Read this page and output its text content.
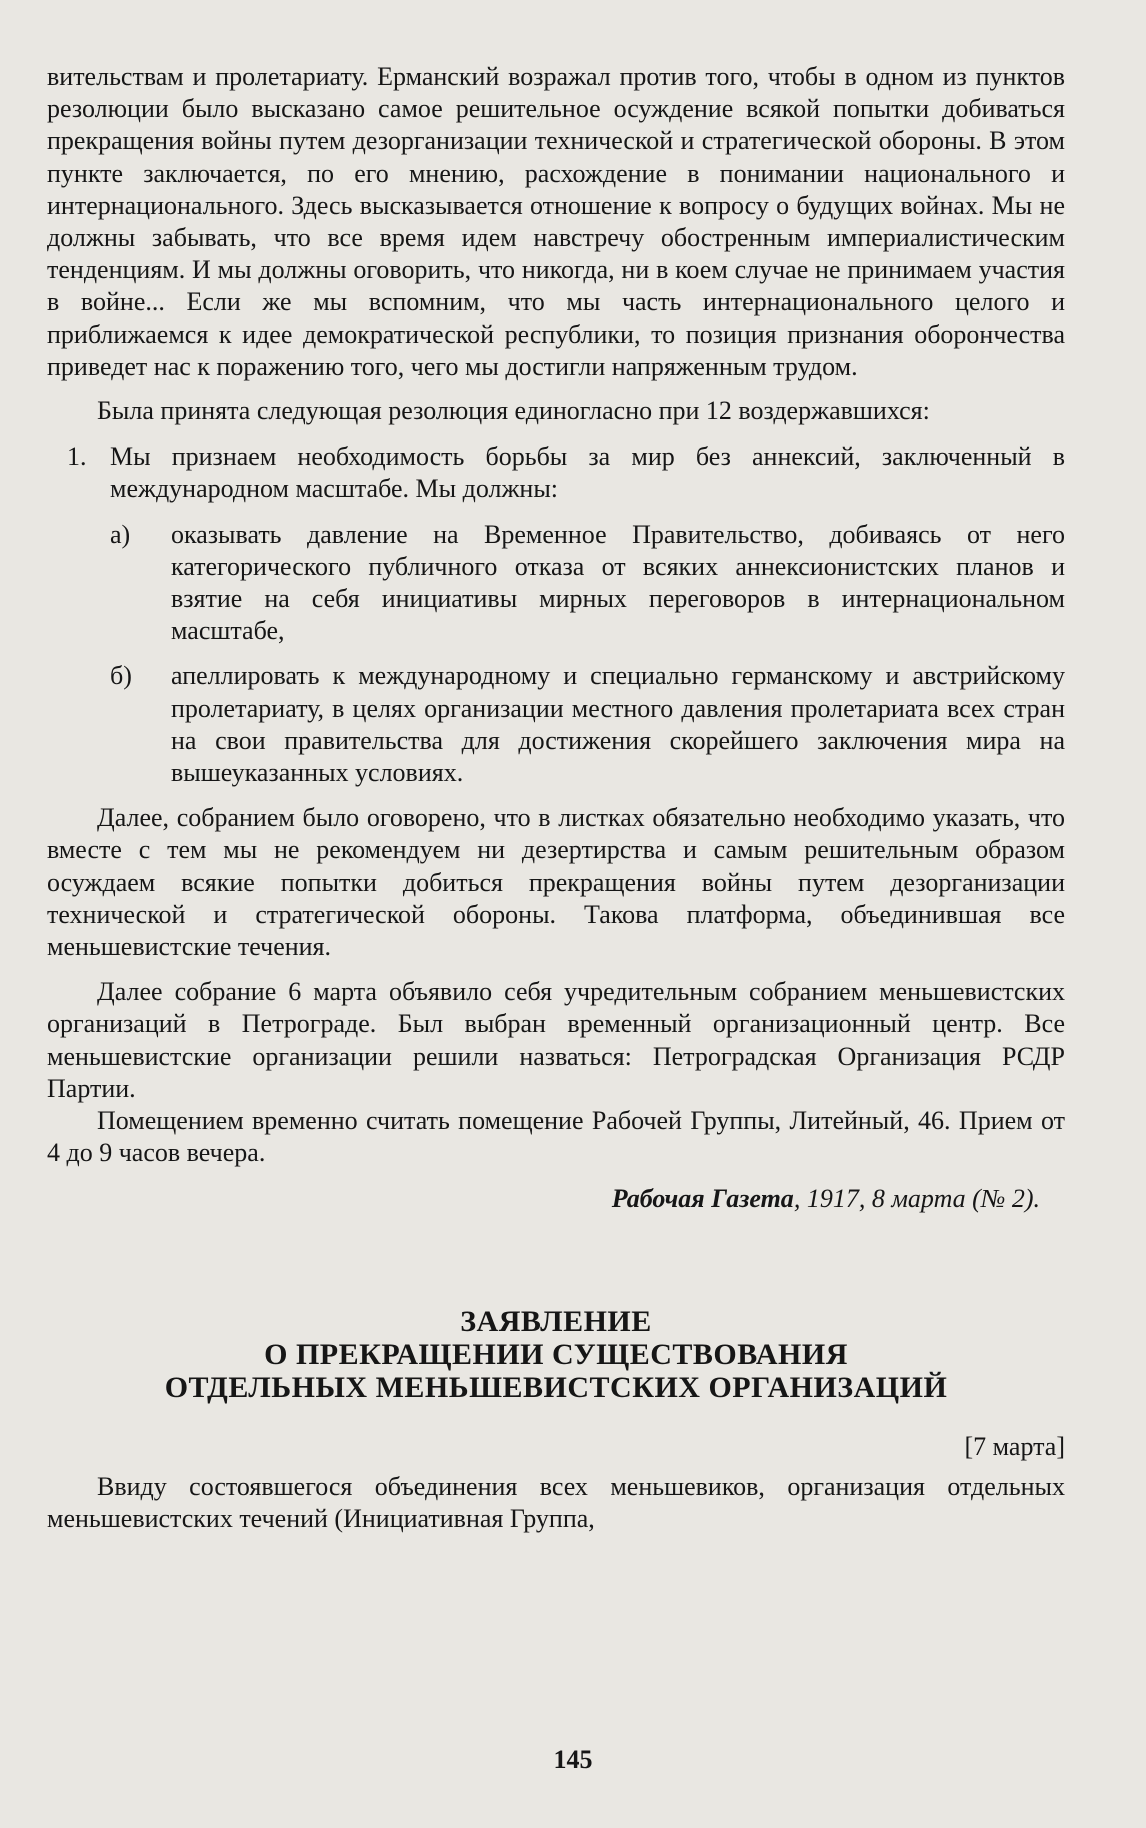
вительствам и пролетариату. Ерманский возражал против того, чтобы в одном из пунктов резолюции было высказано самое решительное осуждение всякой попытки добиваться прекращения войны путем дезорганизации технической и стратегической обороны. В этом пункте заключается, по его мнению, расхождение в понимании национального и интернационального. Здесь высказывается отношение к вопросу о будущих войнах. Мы не должны забывать, что все время идем навстречу обостренным империалистическим тенденциям. И мы должны оговорить, что никогда, ни в коем случае не принимаем участия в войне... Если же мы вспомним, что мы часть интернационального целого и приближаемся к идее демократической республики, то позиция признания оборончества приведет нас к поражению того, чего мы достигли напряженным трудом.

Была принята следующая резолюция единогласно при 12 воздержавшихся:

1. Мы признаем необходимость борьбы за мир без аннексий, заключенный в международном масштабе. Мы должны:

а) оказывать давление на Временное Правительство, добиваясь от него категорического публичного отказа от всяких аннексионистских планов и взятие на себя инициативы мирных переговоров в интернациональном масштабе,

б) апеллировать к международному и специально германскому и австрийскому пролетариату, в целях организации местного давления пролетариата всех стран на свои правительства для достижения скорейшего заключения мира на вышеуказанных условиях.

Далее, собранием было оговорено, что в листках обязательно необходимо указать, что вместе с тем мы не рекомендуем ни дезертирства и самым решительным образом осуждаем всякие попытки добиться прекращения войны путем дезорганизации технической и стратегической обороны. Такова платформа, объединившая все меньшевистские течения.

Далее собрание 6 марта объявило себя учредительным собранием меньшевистских организаций в Петрограде. Был выбран временный организационный центр. Все меньшевистские организации решили назваться: Петроградская Организация РСДР Партии.

Помещением временно считать помещение Рабочей Группы, Литейный, 46. Прием от 4 до 9 часов вечера.

Рабочая Газета, 1917, 8 марта (№ 2).

ЗАЯВЛЕНИЕ
О ПРЕКРАЩЕНИИ СУЩЕСТВОВАНИЯ
ОТДЕЛЬНЫХ МЕНЬШЕВИСТСКИХ ОРГАНИЗАЦИЙ

[7 марта]

Ввиду состоявшегося объединения всех меньшевиков, организация отдельных меньшевистских течений (Инициативная Группа,

145
